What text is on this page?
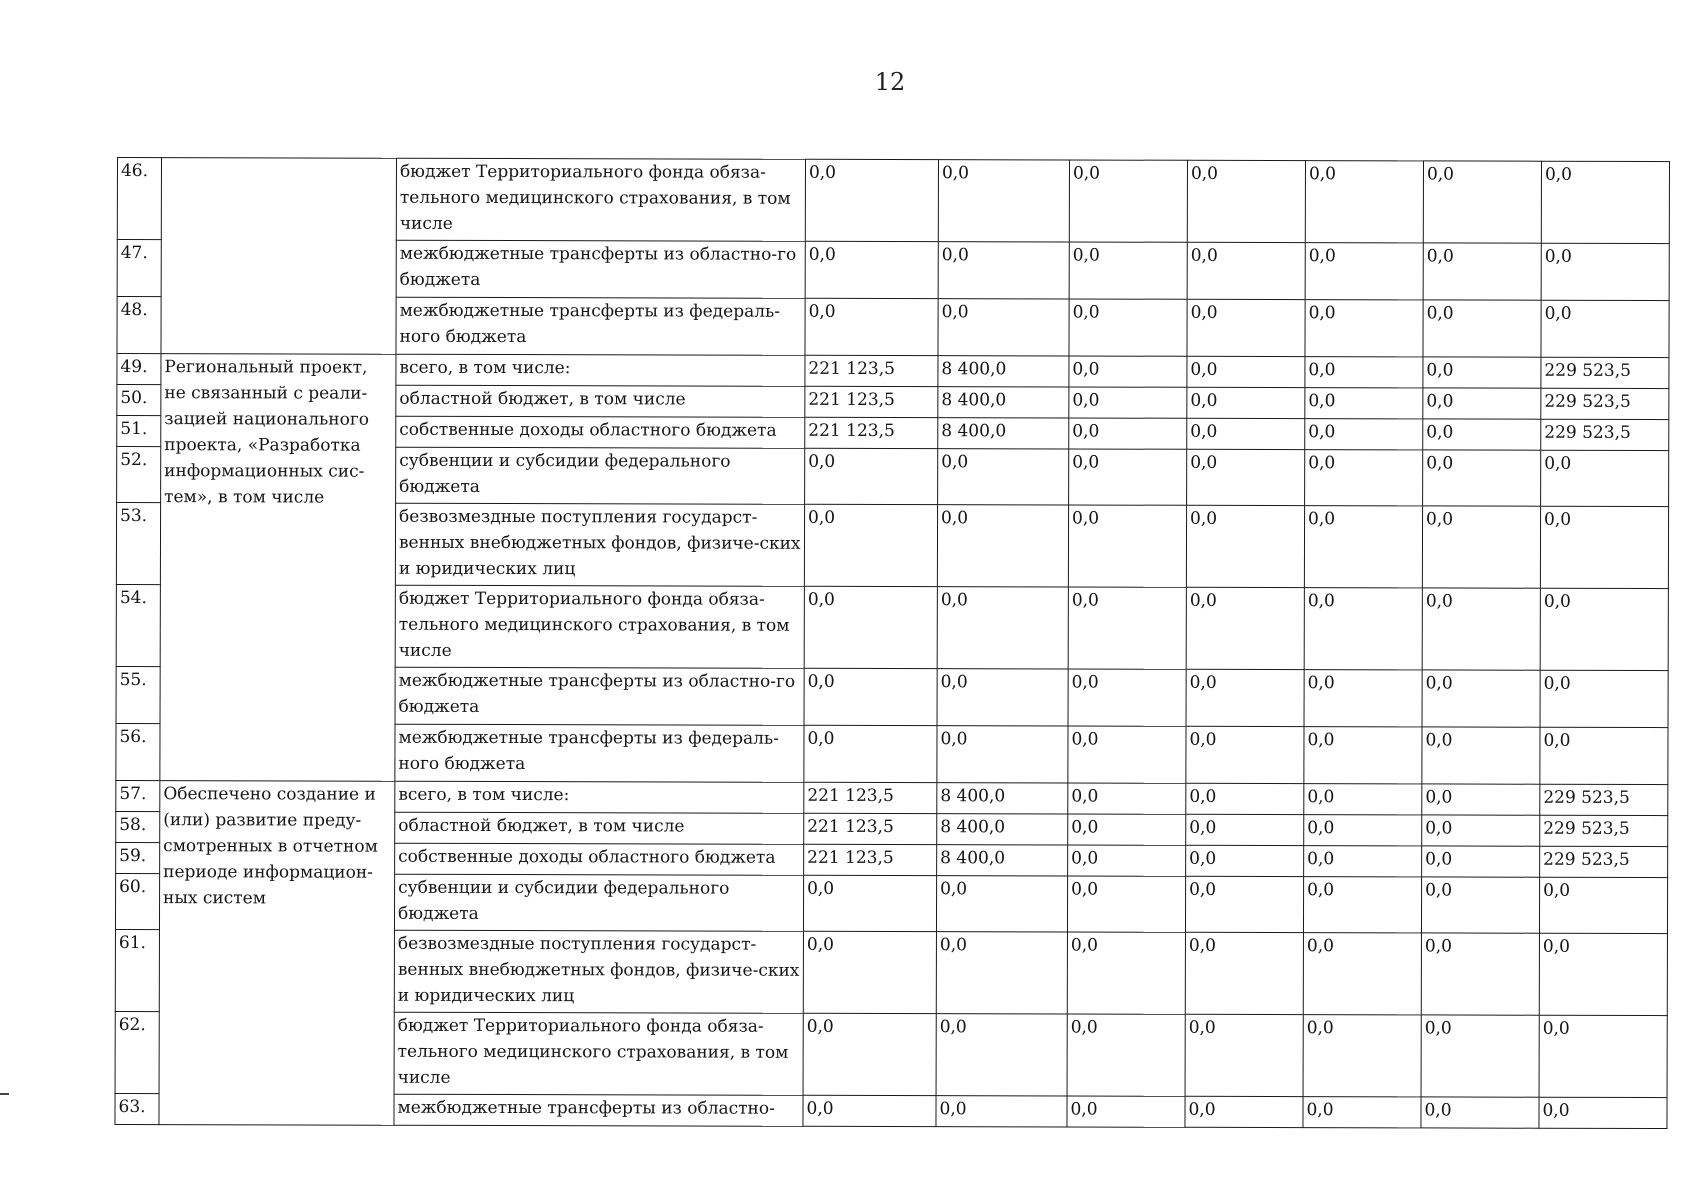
12
46.		бюджет Территориального фонда обяза-тельного медицинского страхования, в том числе	0,0	0,0	0,0	0,0	0,0	0,0	0,0
47.		межбюджетные трансферты из областно-го бюджета	0,0	0,0	0,0	0,0	0,0	0,0	0,0
48.		межбюджетные трансферты из федераль-ного бюджета	0,0	0,0	0,0	0,0	0,0	0,0	0,0
49.	Региональный проект, не связанный с реали-зацией национального проекта, «Разработка информационных сис-тем», в том числе	всего, в том числе:	221 123,5	8 400,0	0,0	0,0	0,0	0,0	229 523,5
50.		областной бюджет, в том числе	221 123,5	8 400,0	0,0	0,0	0,0	0,0	229 523,5
51.		собственные доходы областного бюджета	221 123,5	8 400,0	0,0	0,0	0,0	0,0	229 523,5
52.		субвенции и субсидии федерального бюджета	0,0	0,0	0,0	0,0	0,0	0,0	0,0
53.		безвозмездные поступления государст-венных внебюджетных фондов, физиче-ских и юридических лиц	0,0	0,0	0,0	0,0	0,0	0,0	0,0
54.		бюджет Территориального фонда обяза-тельного медицинского страхования, в том числе	0,0	0,0	0,0	0,0	0,0	0,0	0,0
55.		межбюджетные трансферты из областно-го бюджета	0,0	0,0	0,0	0,0	0,0	0,0	0,0
56.		межбюджетные трансферты из федераль-ного бюджета	0,0	0,0	0,0	0,0	0,0	0,0	0,0
57.	Обеспечено создание и (или) развитие преду-смотренных в отчетном периоде информацион-ных систем	всего, в том числе:	221 123,5	8 400,0	0,0	0,0	0,0	0,0	229 523,5
58.		областной бюджет, в том числе	221 123,5	8 400,0	0,0	0,0	0,0	0,0	229 523,5
59.		собственные доходы областного бюджета	221 123,5	8 400,0	0,0	0,0	0,0	0,0	229 523,5
60.		субвенции и субсидии федерального бюджета	0,0	0,0	0,0	0,0	0,0	0,0	0,0
61.		безвозмездные поступления государст-венных внебюджетных фондов, физиче-ских и юридических лиц	0,0	0,0	0,0	0,0	0,0	0,0	0,0
62.		бюджет Территориального фонда обяза-тельного медицинского страхования, в том числе	0,0	0,0	0,0	0,0	0,0	0,0	0,0
63.		межбюджетные трансферты из областно-	0,0	0,0	0,0	0,0	0,0	0,0	0,0
